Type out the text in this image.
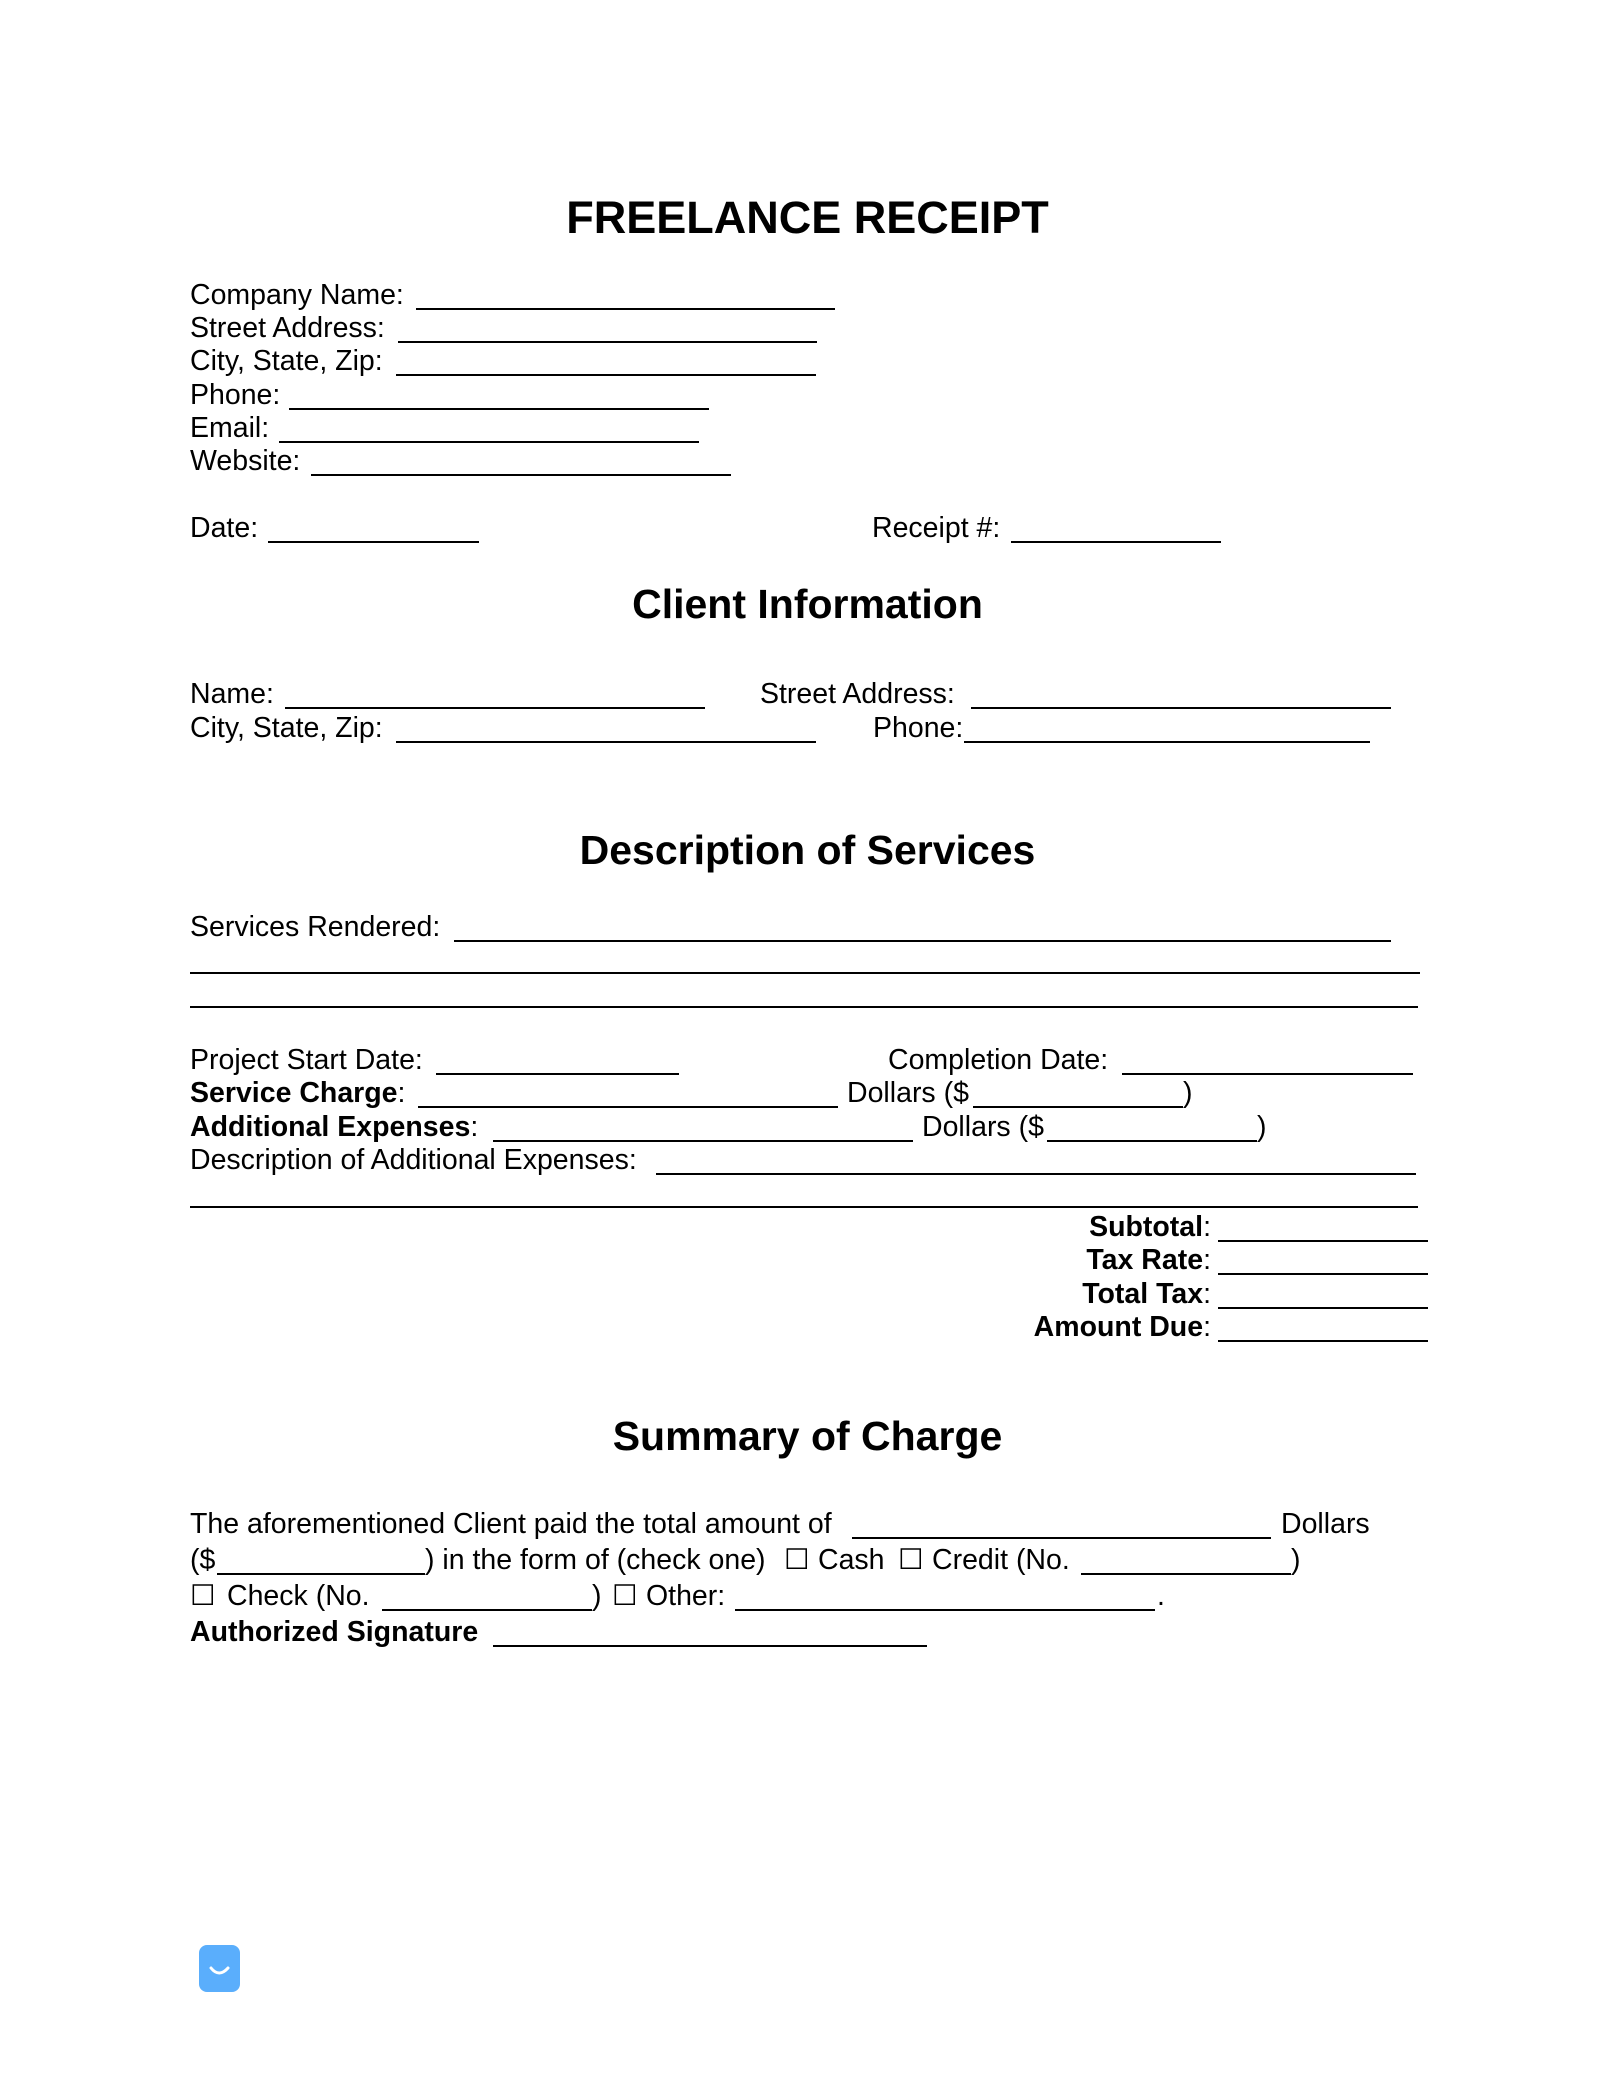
FREELANCE RECEIPT
Company Name:
Street Address:
City, State, Zip:
Phone:
Email:
Website:
Date:	Receipt #:
Client Information
Name:	Street Address:
City, State, Zip:	Phone:
Description of Services
Services Rendered:
Project Start Date:	Completion Date:
Service Charge:	Dollars ($	)
Additional Expenses:	Dollars ($	)
Description of Additional Expenses:
Subtotal:
Tax Rate:
Total Tax:
Amount Due:
Summary of Charge
The aforementioned Client paid the total amount of	Dollars
($	) in the form of (check one) ☐ Cash ☐ Credit (No.	)
☐ Check (No.	) ☐ Other:	.
Authorized Signature
